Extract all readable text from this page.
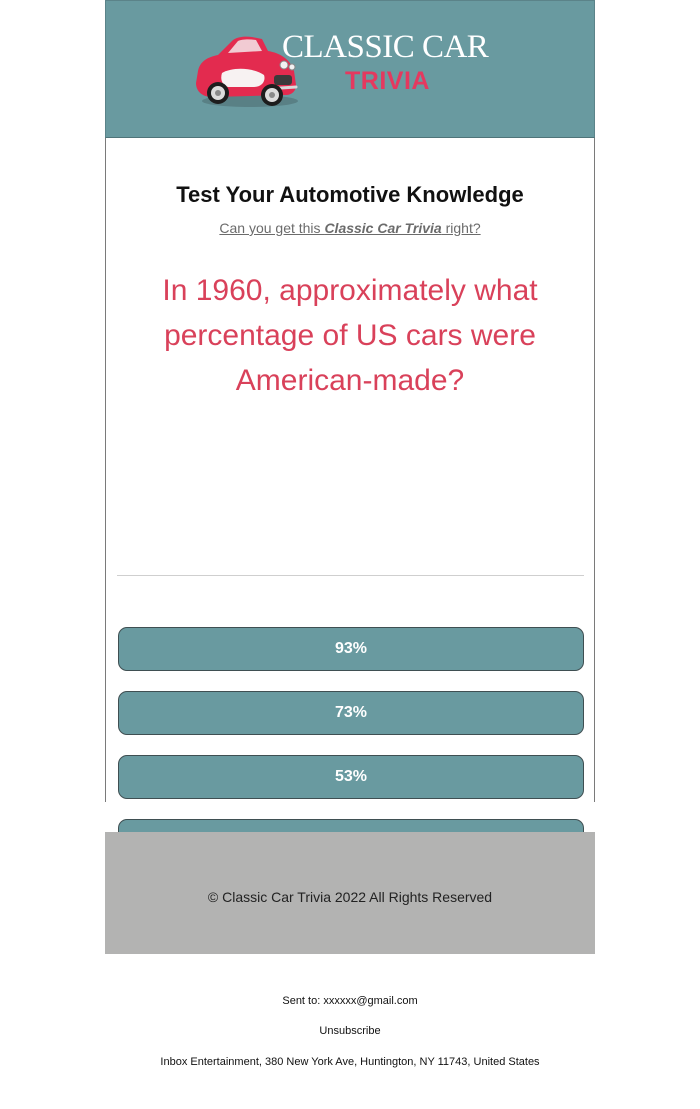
CLASSIC CAR
TRIVIA
Test Your Automotive Knowledge
Can you get this Classic Car Trivia right?
In 1960, approximately what percentage of US cars were American-made?
93%
73%
53%
© Classic Car Trivia 2022 All Rights Reserved
Sent to: xxxxxx@gmail.com
Unsubscribe
Inbox Entertainment, 380 New York Ave, Huntington, NY 11743, United States
